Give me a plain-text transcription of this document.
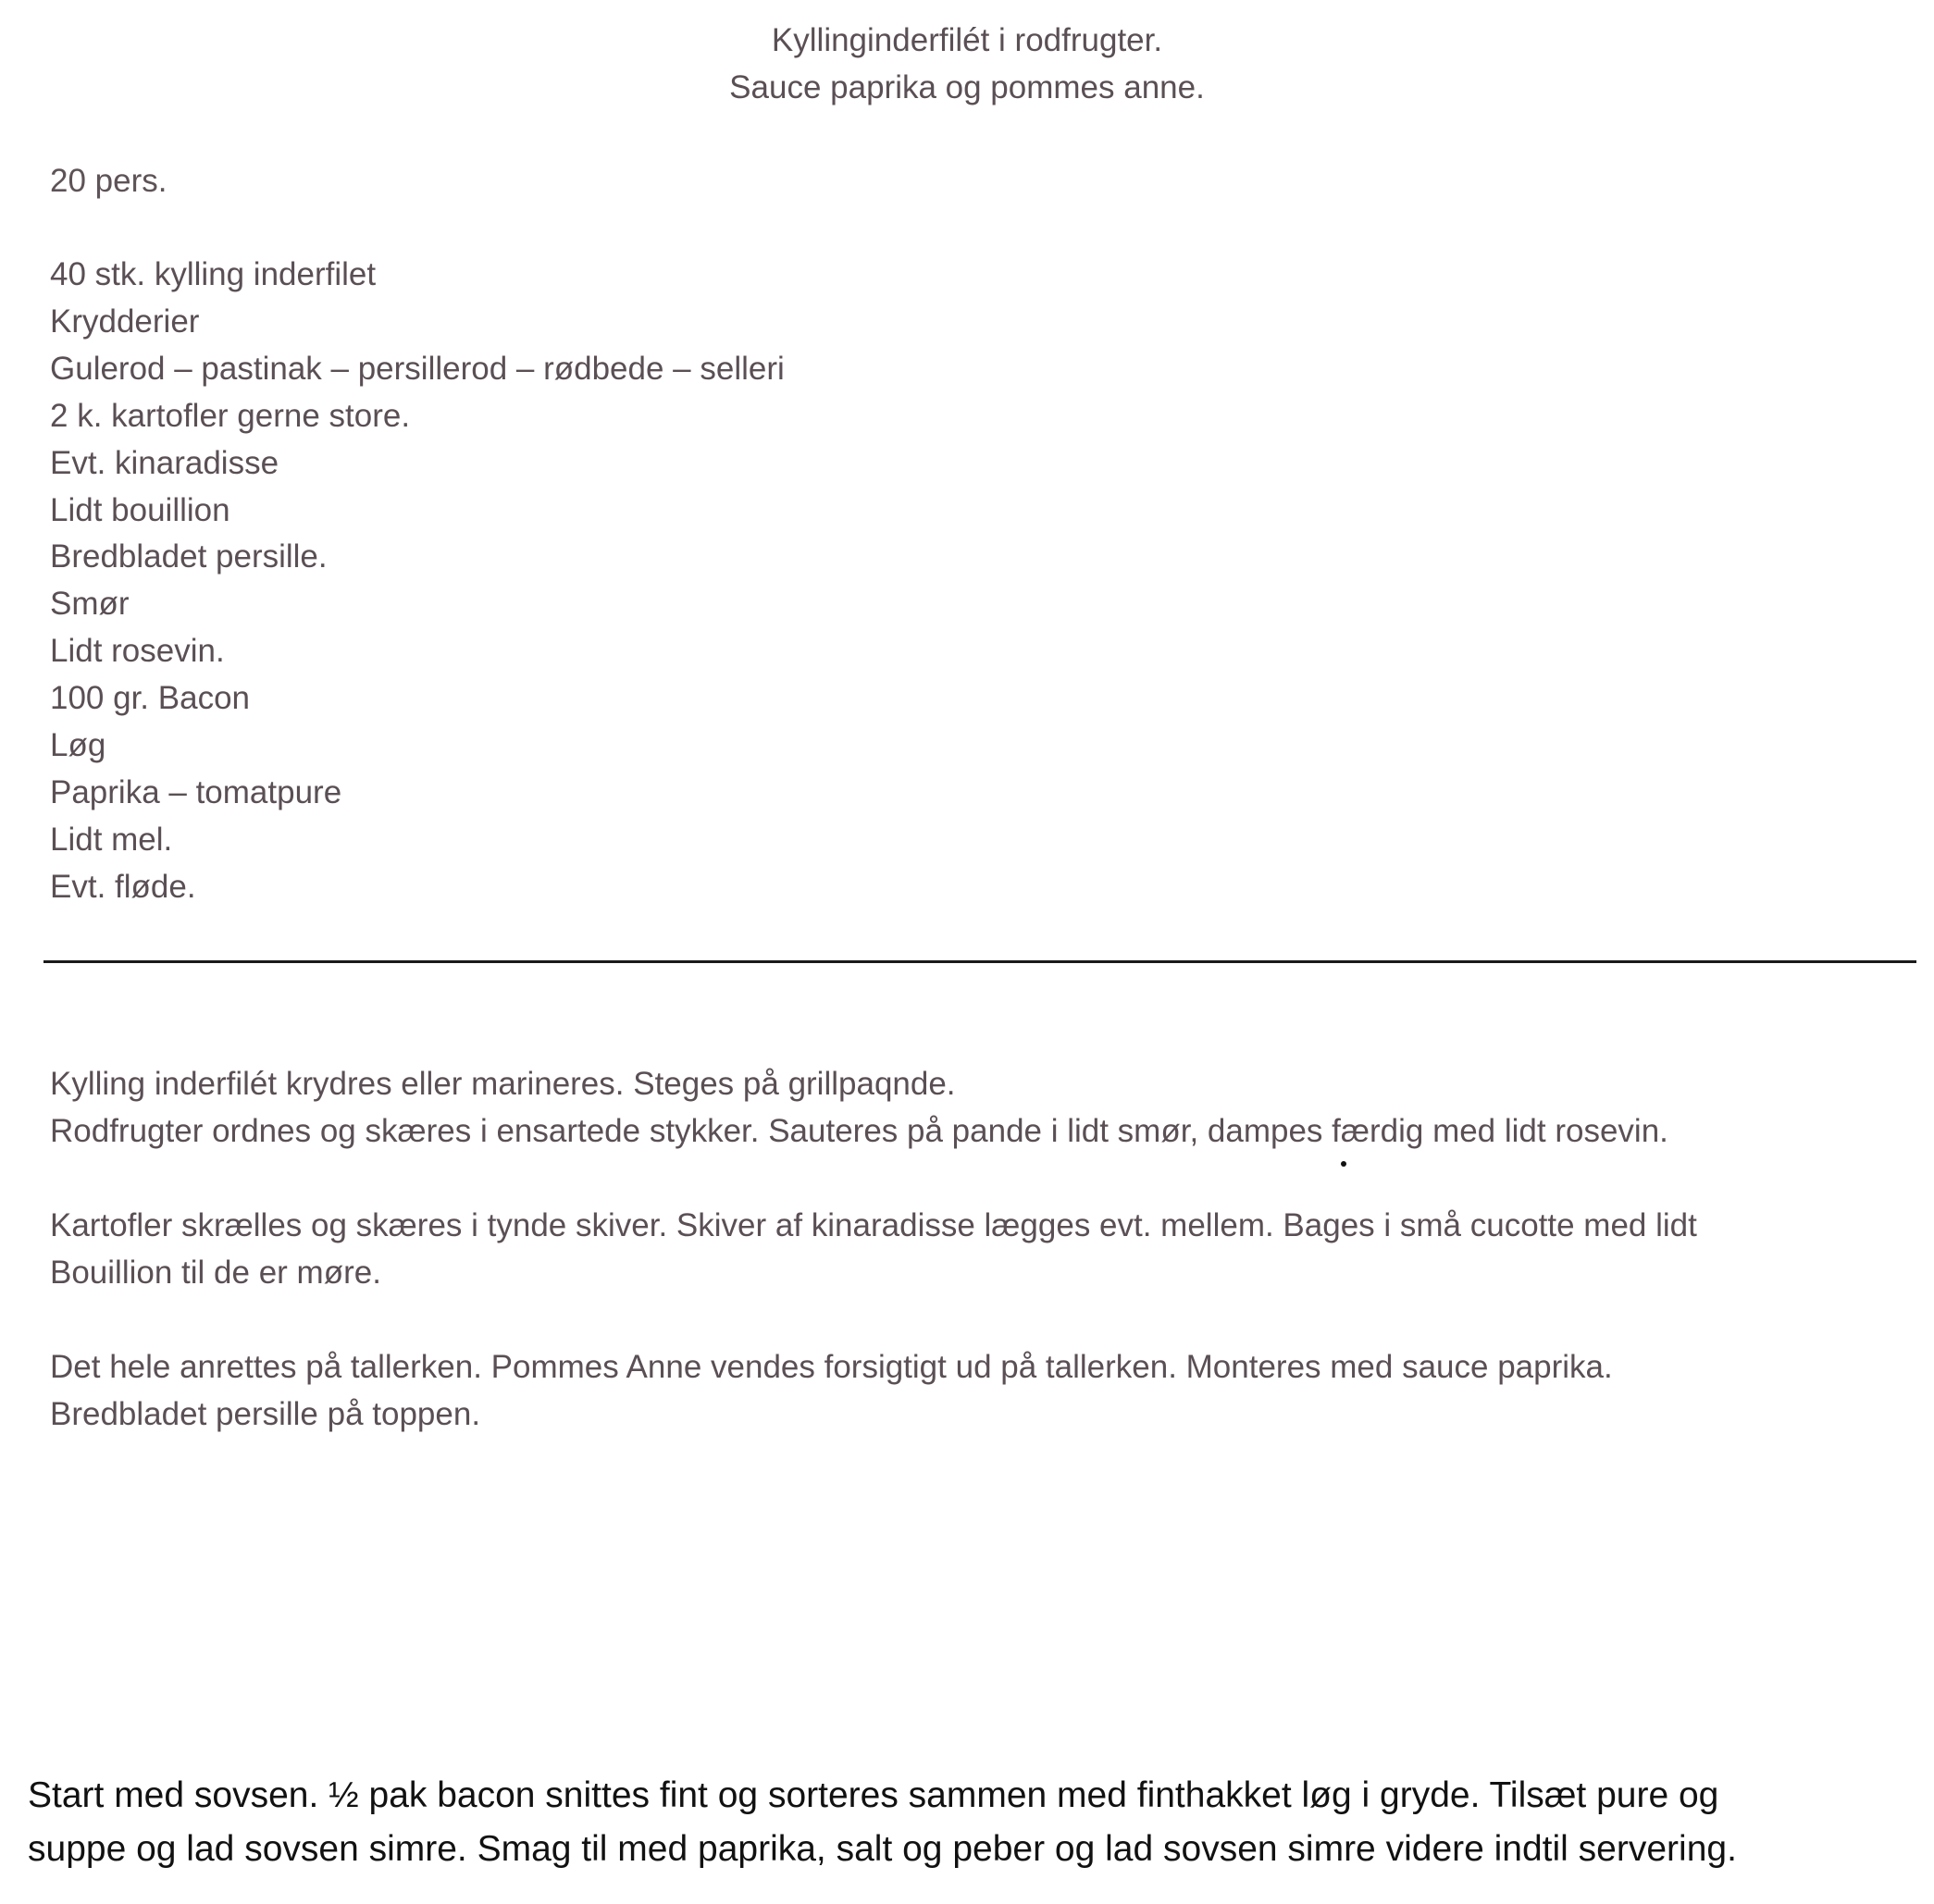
Kyllinginderfilét i rodfrugter.
Sauce paprika og pommes anne.
20 pers.
40 stk. kylling inderfilet
Krydderier
Gulerod – pastinak – persillerod – rødbede – selleri
2 k. kartofler gerne store.
Evt. kinaradisse
Lidt bouillion
Bredbladet persille.
Smør
Lidt rosevin.
100 gr. Bacon
Løg
Paprika – tomatpure
Lidt mel.
Evt. fløde.

Kylling inderfilét krydres eller marineres. Steges på grillpaqnde.
Rodfrugter ordnes og skæres i ensartede stykker. Sauteres på pande i lidt smør, dampes færdig med lidt rosevin.

Kartofler skrælles og skæres i tynde skiver. Skiver af kinaradisse lægges evt. mellem. Bages i små cucotte med lidt
Bouillion til de er møre.

Det hele anrettes på tallerken. Pommes Anne vendes forsigtigt ud på tallerken. Monteres med sauce paprika.
Bredbladet persille på toppen.

Start med sovsen. ½ pak bacon snittes fint og sorteres sammen med finthakket løg i gryde. Tilsæt pure og

suppe og lad sovsen simre. Smag til med paprika, salt og peber og lad sovsen simre videre indtil servering.
